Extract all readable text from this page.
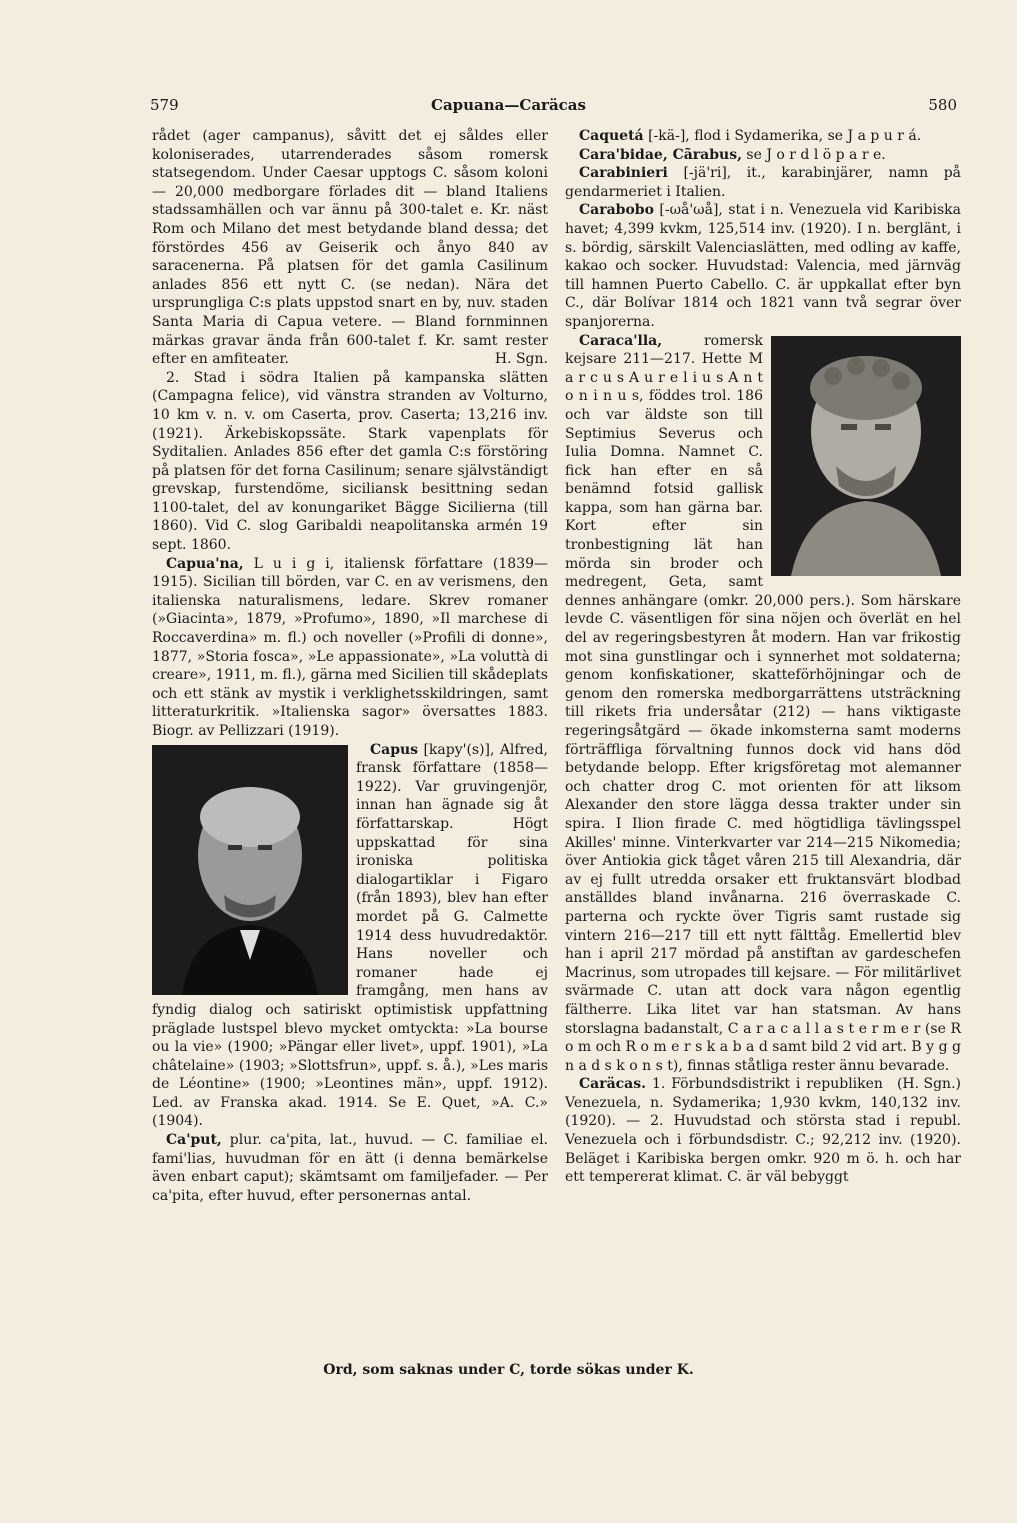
579	Capuana—Caräcas	580

rådet (ager campanus), såvitt det ej såldes eller koloniserades, utarrenderades såsom romersk statsegendom. Under Caesar upptogs C. såsom koloni — 20,000 medborgare förlades dit — bland Italiens stadssamhällen och var ännu på 300-talet e. Kr. näst Rom och Milano det mest betydande bland dessa; det förstördes 456 av Geiserik och ånyo 840 av saracenerna. På platsen för det gamla Casilinum anlades 856 ett nytt C. (se nedan). Nära det ursprungliga C:s plats uppstod snart en by, nuv. staden Santa Maria di Capua vetere. — Bland fornminnen märkas gravar ända från 600-talet f. Kr. samt rester efter en amfiteater.	H. Sgn.

2. Stad i södra Italien på kampanska slätten (Campagna felice), vid vänstra stranden av Volturno, 10 km v. n. v. om Caserta, prov. Caserta; 13,216 inv. (1921). Ärkebiskopssäte. Stark vapenplats för Syditalien. Anlades 856 efter det gamla C:s förstöring på platsen för det forna Casilinum; senare självständigt grevskap, furstendöme, siciliansk besittning sedan 1100-talet, del av konungariket Bägge Sicilierna (till 1860). Vid C. slog Garibaldi neapolitanska armén 19 sept. 1860.

Capua'na, L u i g i, italiensk författare (1839—1915). Sicilian till börden, var C. en av verismens, den italienska naturalismens, ledare. Skrev romaner (»Giacinta», 1879, »Profumo», 1890, »Il marchese di Roccaverdina» m. fl.) och noveller (»Profili di donne», 1877, »Storia fosca», »Le appassionate», »La voluttà di creare», 1911, m. fl.), gärna med Sicilien till skådeplats och ett stänk av mystik i verklighetsskildringen, samt litteraturkritik. »Italienska sagor» översattes 1883. Biogr. av Pellizzari (1919).

Capus [kapy'(s)], Alfred, fransk författare (1858—1922). Var gruvingenjör, innan han ägnade sig åt författarskap. Högt uppskattad för sina ironiska politiska dialogartiklar i Figaro (från 1893), blev han efter mordet på G. Calmette 1914 dess huvudredaktör. Hans noveller och romaner hade ej framgång, men hans av fyndig dialog och satiriskt optimistisk uppfattning präglade lustspel blevo mycket omtyckta: »La bourse ou la vie» (1900; »Pängar eller livet», uppf. 1901), »La châtelaine» (1903; »Slottsfrun», uppf. s. å.), »Les maris de Léontine» (1900; »Leontines män», uppf. 1912). Led. av Franska akad. 1914. Se E. Quet, »A. C.» (1904).

Ca'put, plur. ca'pita, lat., huvud. — C. familiae el. fami'lias, huvudman för en ätt (i denna bemärkelse även enbart caput); skämtsamt om familjefader. — Per ca'pita, efter huvud, efter personernas antal.

Caquetá [-kä-], flod i Sydamerika, se J a p u r á.

Cara'bidae, Cãrabus, se J o r d l ö p a r e.

Carabinieri [-jä'ri], it., karabinjärer, namn på gendarmeriet i Italien.

Carabobo [-ωå'ωå], stat i n. Venezuela vid Karibiska havet; 4,399 kvkm, 125,514 inv. (1920). I n. berglänt, i s. bördig, särskilt Valenciaslätten, med odling av kaffe, kakao och socker. Huvudstad: Valencia, med järnväg till hamnen Puerto Cabello. C. är uppkallat efter byn C., där Bolívar 1814 och 1821 vann två segrar över spanjorerna.

Caraca'lla,	romersk kejsare 211—217. Hette M a r c u s A u r e l i u s A n t o n i n u s, föddes trol. 186 och var äldste son till Septimius Severus och Iulia Domna. Namnet C. fick han efter en så benämnd fotsid gallisk kappa, som han gärna bar. Kort efter sin tronbestigning lät han mörda sin broder och medregent, Geta, samt dennes anhängare (omkr. 20,000 pers.). Som härskare levde C. väsentligen för sina nöjen och överlät en hel del av regeringsbestyren åt modern. Han var frikostig mot sina gunstlingar och i synnerhet mot soldaterna; genom konfiskationer, skatteförhöjningar och de genom den romerska medborgarrättens utsträckning till rikets fria undersåtar (212) — hans viktigaste regeringsåtgärd — ökade inkomsterna samt moderns förträffliga förvaltning funnos dock vid hans död betydande belopp. Efter krigsföretag mot alemanner och chatter drog C. mot orienten för att liksom Alexander den store lägga dessa trakter under sin spira. I Ilion firade C. med högtidliga tävlingsspel Akilles' minne. Vinterkvarter var 214—215 Nikomedia; över Antiokia gick tåget våren 215 till Alexandria, där av ej fullt utredda orsaker ett fruktansvärt blodbad anställdes bland invånarna. 216 överraskade C. parterna och ryckte över Tigris samt rustade sig vintern 216—217 till ett nytt fälttåg. Emellertid blev han i april 217 mördad på anstiftan av gardeschefen Macrinus, som utropades till kejsare. — För militärlivet svärmade C. utan att dock vara någon egentlig fältherre. Lika litet var han statsman. Av hans storslagna badanstalt, C a r a c a l l a s t e r m e r (se R o m och R o m e r s k a b a d samt bild 2 vid art. B y g g n a d s k o n s t), finnas ståtliga rester ännu bevarade.
(H. Sgn.)

Caräcas. 1. Förbundsdistrikt i republiken Venezuela, n. Sydamerika; 1,930 kvkm, 140,132 inv. (1920). — 2. Huvudstad och största stad i republ. Venezuela och i förbundsdistr. C.; 92,212 inv. (1920). Beläget i Karibiska bergen omkr. 920 m ö. h. och har ett tempererat klimat. C. är väl bebyggt

Ord, som saknas under C, torde sökas under K.
